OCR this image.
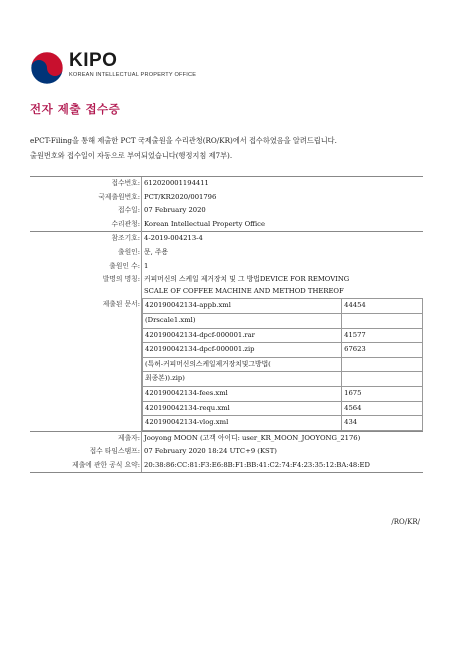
KIPO
KOREAN INTELLECTUAL PROPERTY OFFICE
전자 제출 접수증
ePCT-Filing을 통해 제출한 PCT 국제출원을 수리관청(RO/KR)에서 접수하였음을 알려드립니다.
출원번호와 접수일이 자동으로 부여되었습니다(행정지침 제7부).
접수번호:	612020001194411
국제출원번호:	PCT/KR2020/001796
접수일:	07 February 2020
수리관청:	Korean Intellectual Property Office
참조기호:	4-2019-004213-4
출원인:	문, 주용
출원인 수:	1
발명의 명칭:	커피머신의 스케일 제거장치 및 그 방법DEVICE FOR REMOVING
SCALE OF COFFEE MACHINE AND METHOD THEREOF

제출된 문서:	420190042134-appb.xml	44454
(Drscale1.xml)	
420190042134-dpcf-000001.rar	41577
420190042134-dpcf-000001.zip	67623
(특허-커피머신의스케일제거장치및그방법(	
최종본)).zip)	
420190042134-fees.xml	1675
420190042134-requ.xml	4564
420190042134-vlog.xml	434

제출자:	Jooyong MOON (고객 아이디: user_KR_MOON_JOOYONG_2176)
접수 타임스탬프:	07 February 2020 18:24 UTC+9 (KST)
제출에 관한 공식 요약:	20:38:86:CC:81:F3:E6:8B:F1:BB:41:C2:74:F4:23:35:12:BA:48:ED
/RO/KR/
